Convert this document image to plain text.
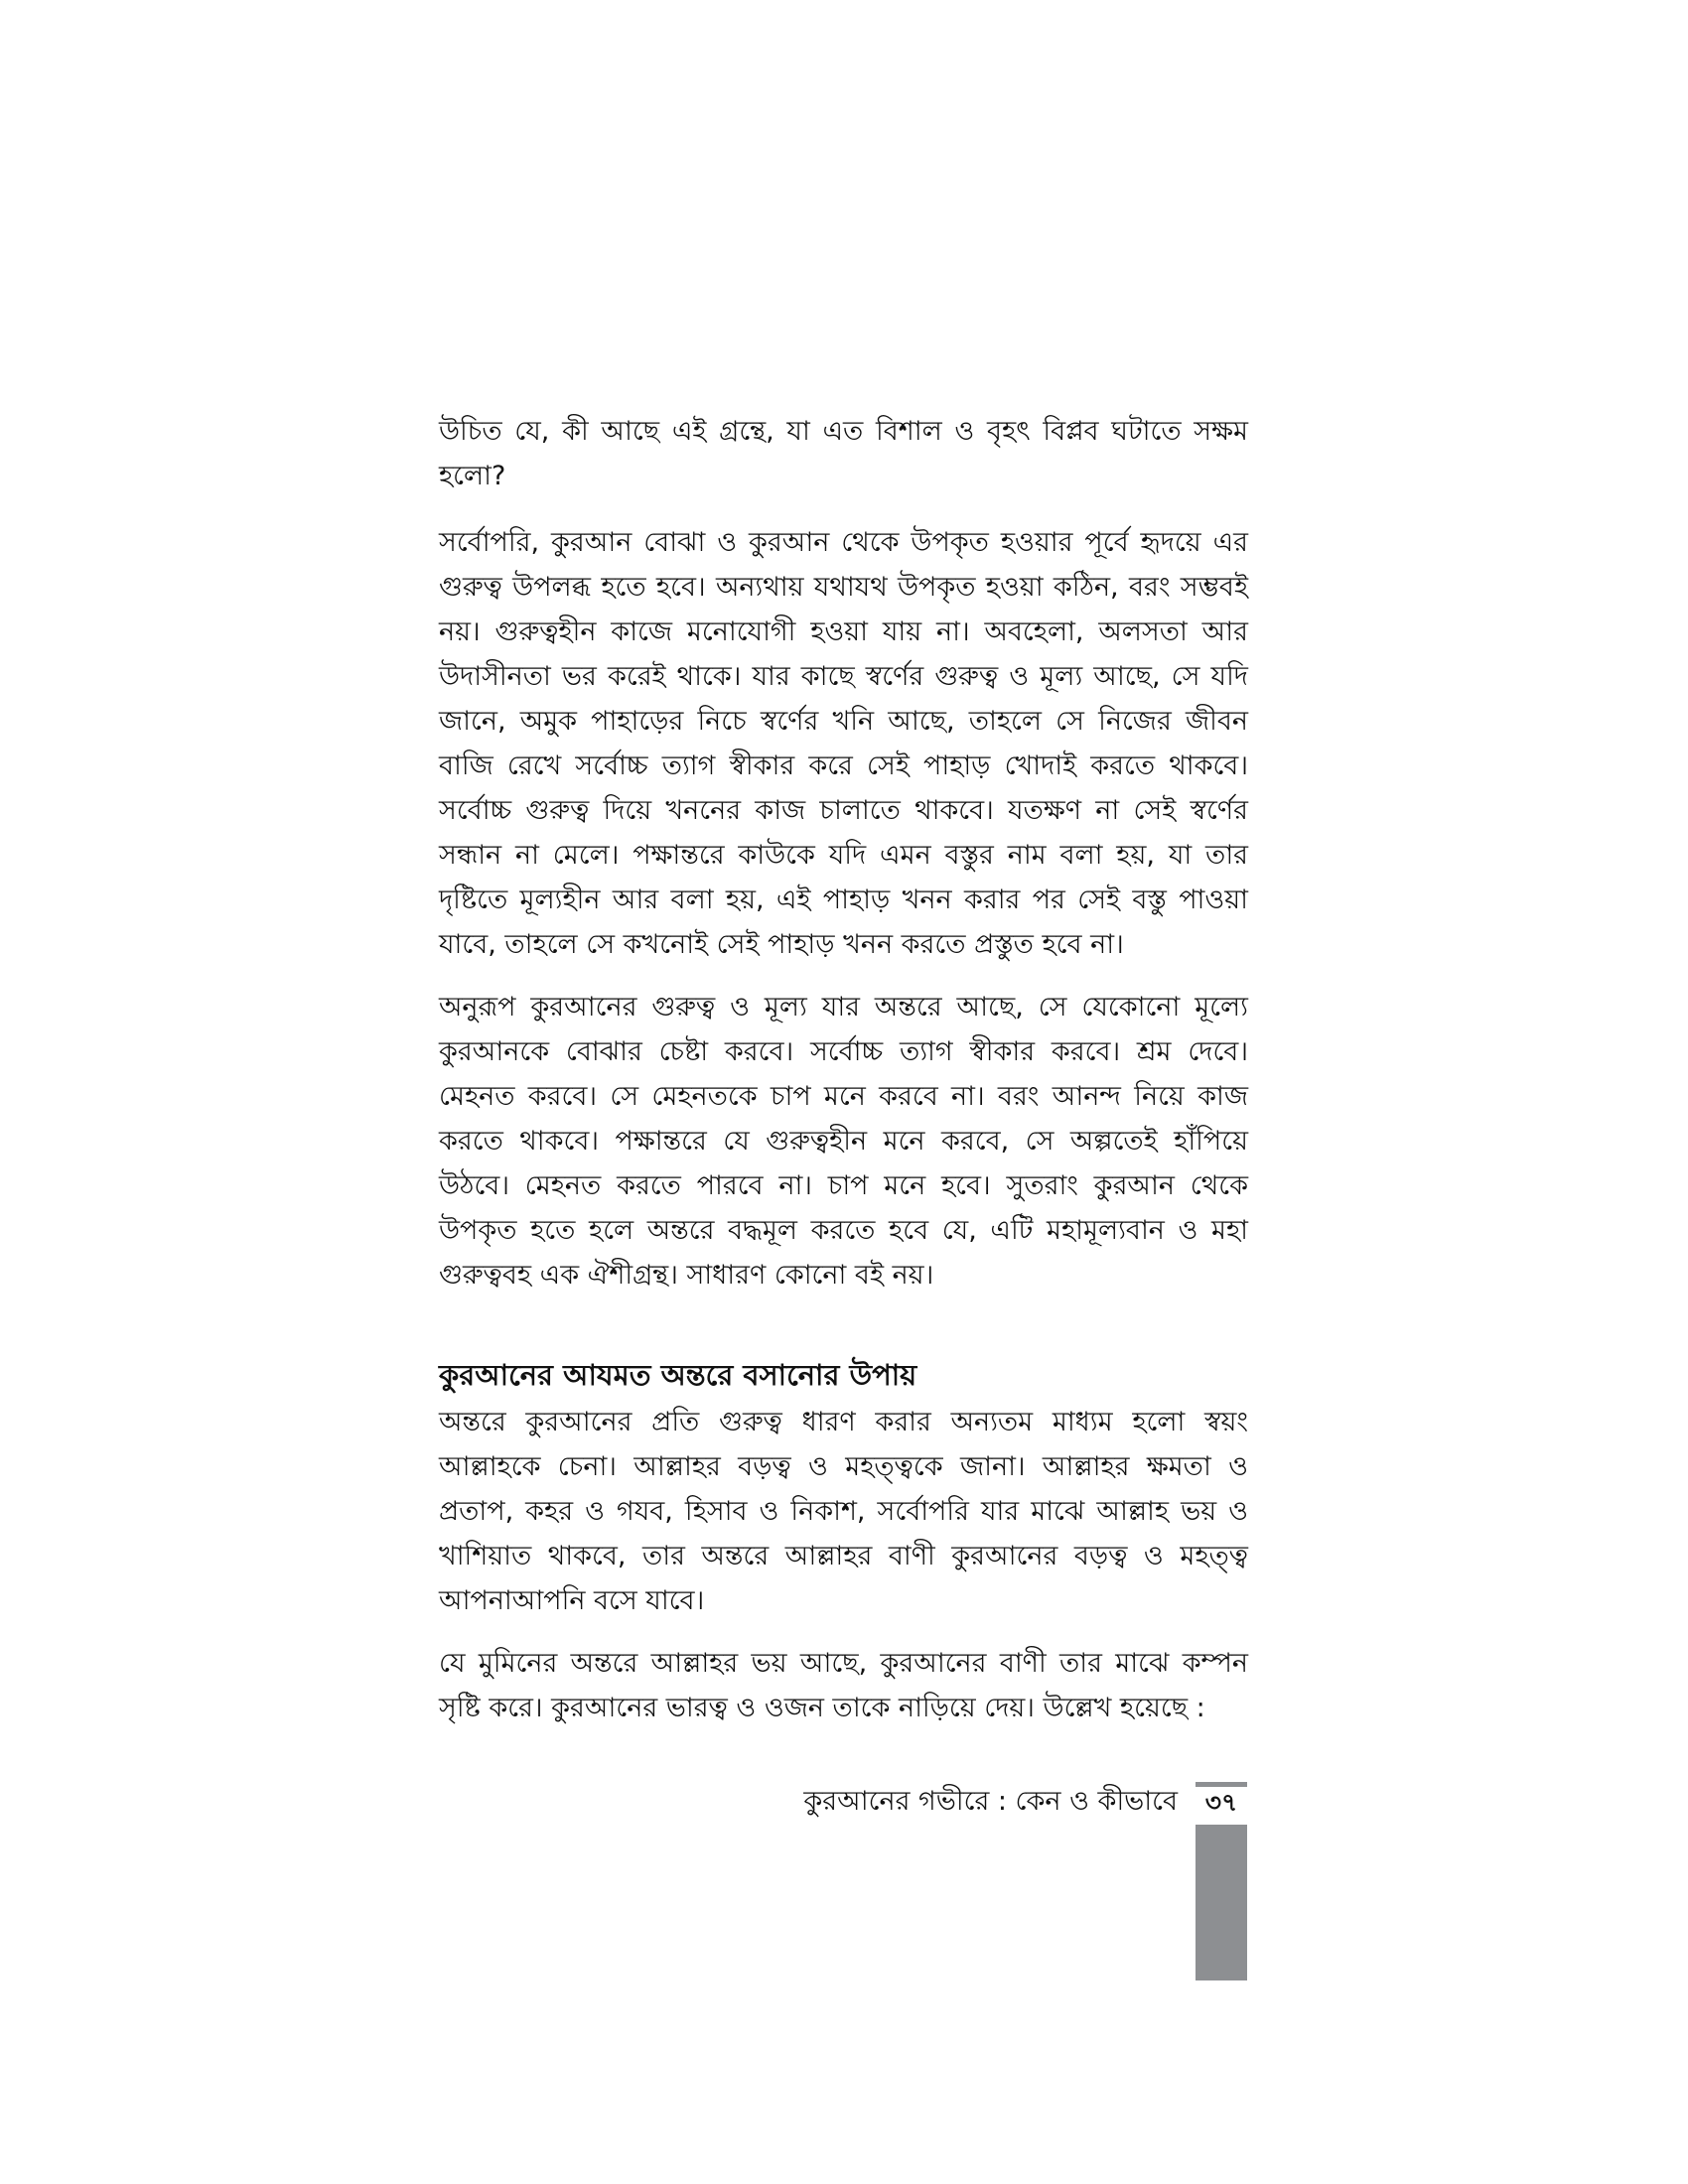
উচিত যে, কী আছে এই গ্রন্থে, যা এত বিশাল ও বৃহৎ বিপ্লব ঘটাতে সক্ষম হলো?

সর্বোপরি, কুরআন বোঝা ও কুরআন থেকে উপকৃত হওয়ার পূর্বে হৃদয়ে এর গুরুত্ব উপলব্ধ হতে হবে। অন্যথায় যথাযথ উপকৃত হওয়া কঠিন, বরং সম্ভবই নয়। গুরুত্বহীন কাজে মনোযোগী হওয়া যায় না। অবহেলা, অলসতা আর উদাসীনতা ভর করেই থাকে। যার কাছে স্বর্ণের গুরুত্ব ও মূল্য আছে, সে যদি জানে, অমুক পাহাড়ের নিচে স্বর্ণের খনি আছে, তাহলে সে নিজের জীবন বাজি রেখে সর্বোচ্চ ত্যাগ স্বীকার করে সেই পাহাড় খোদাই করতে থাকবে। সর্বোচ্চ গুরুত্ব দিয়ে খননের কাজ চালাতে থাকবে। যতক্ষণ না সেই স্বর্ণের সন্ধান না মেলে। পক্ষান্তরে কাউকে যদি এমন বস্তুর নাম বলা হয়, যা তার দৃষ্টিতে মূল্যহীন আর বলা হয়, এই পাহাড় খনন করার পর সেই বস্তু পাওয়া যাবে, তাহলে সে কখনোই সেই পাহাড় খনন করতে প্রস্তুত হবে না।

অনুরূপ কুরআনের গুরুত্ব ও মূল্য যার অন্তরে আছে, সে যেকোনো মূল্যে কুরআনকে বোঝার চেষ্টা করবে। সর্বোচ্চ ত্যাগ স্বীকার করবে। শ্রম দেবে। মেহনত করবে। সে মেহনতকে চাপ মনে করবে না। বরং আনন্দ নিয়ে কাজ করতে থাকবে। পক্ষান্তরে যে গুরুত্বহীন মনে করবে, সে অল্পতেই হাঁপিয়ে উঠবে। মেহনত করতে পারবে না। চাপ মনে হবে। সুতরাং কুরআন থেকে উপকৃত হতে হলে অন্তরে বদ্ধমূল করতে হবে যে, এটি মহামূল্যবান ও মহা গুরুত্ববহ এক ঐশীগ্রন্থ। সাধারণ কোনো বই নয়।

কুরআনের আযমত অন্তরে বসানোর উপায়

অন্তরে কুরআনের প্রতি গুরুত্ব ধারণ করার অন্যতম মাধ্যম হলো স্বয়ং আল্লাহকে চেনা। আল্লাহর বড়ত্ব ও মহত্ত্বকে জানা। আল্লাহর ক্ষমতা ও প্রতাপ, কহর ও গযব, হিসাব ও নিকাশ, সর্বোপরি যার মাঝে আল্লাহ ভয় ও খাশিয়াত থাকবে, তার অন্তরে আল্লাহর বাণী কুরআনের বড়ত্ব ও মহত্ত্ব আপনাআপনি বসে যাবে।

যে মুমিনের অন্তরে আল্লাহর ভয় আছে, কুরআনের বাণী তার মাঝে কম্পন সৃষ্টি করে। কুরআনের ভারত্ব ও ওজন তাকে নাড়িয়ে দেয়। উল্লেখ হয়েছে :

কুরআনের গভীরে : কেন ও কীভাবে	৩৭
